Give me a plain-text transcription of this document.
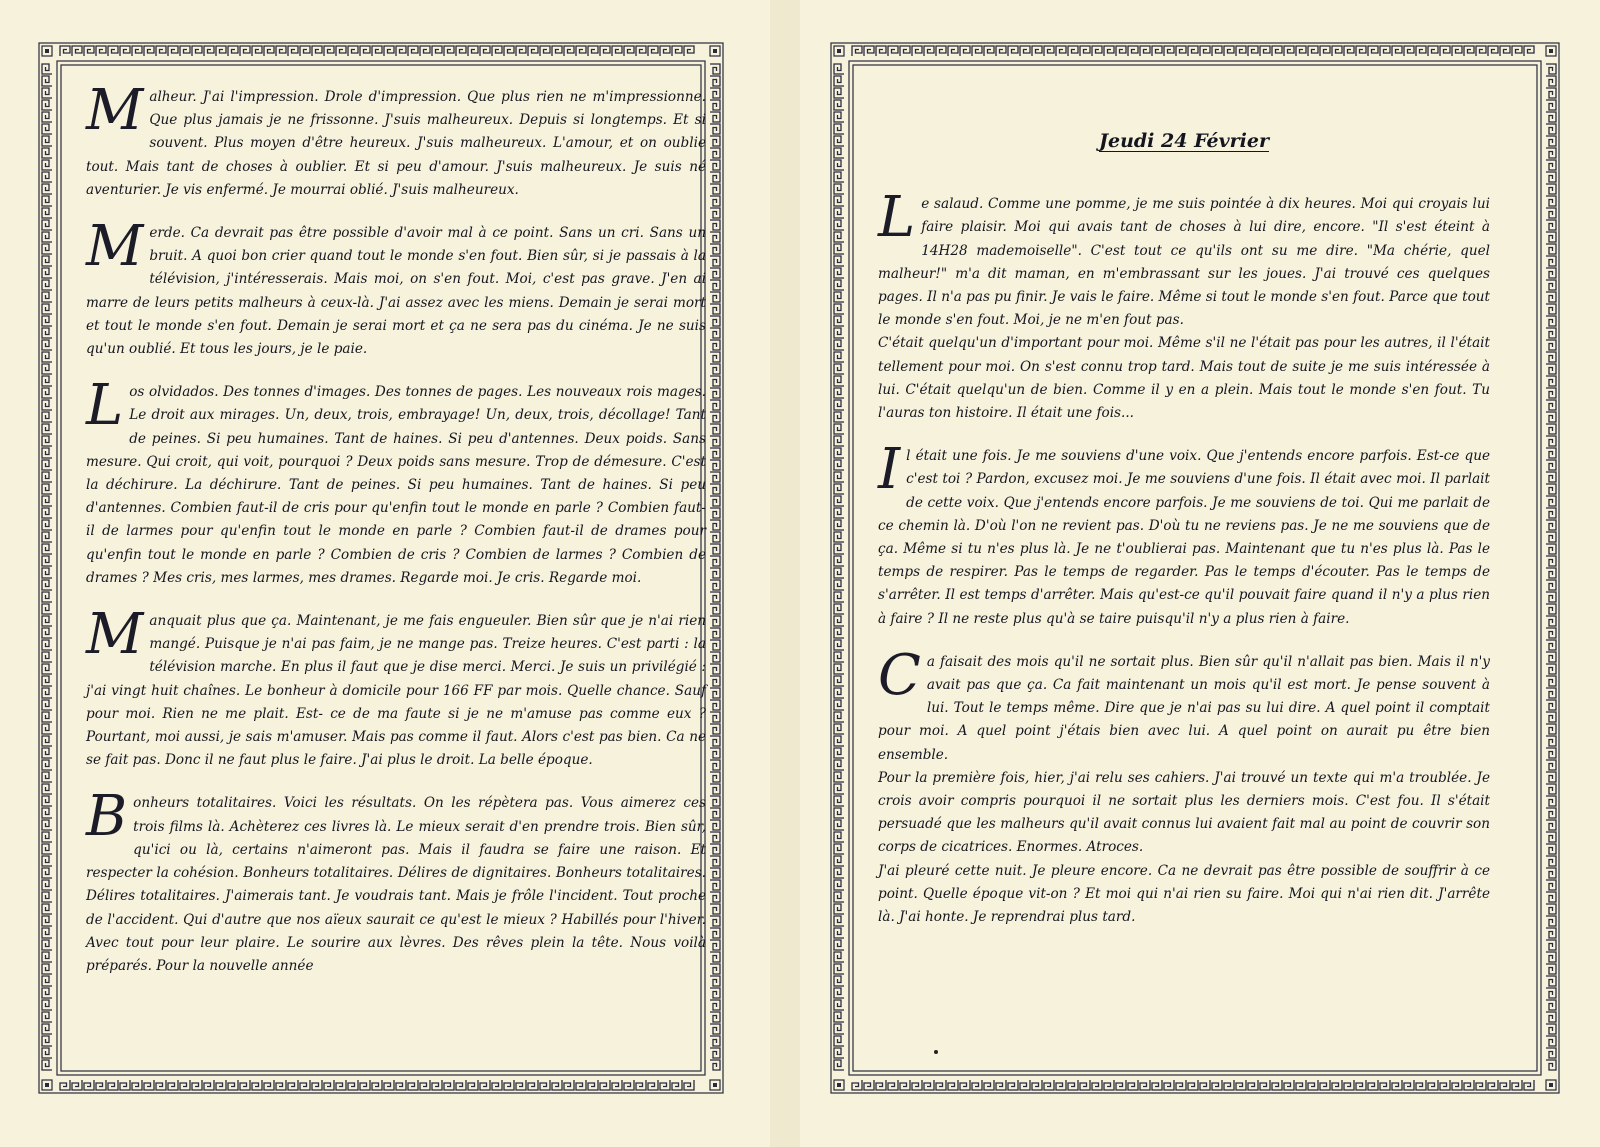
Malheur. J'ai l'impression. Drole d'impression. Que plus rien ne m'impressionne. Que plus jamais je ne frissonne. J'suis malheureux. Depuis si longtemps. Et si souvent. Plus moyen d'être heureux. J'suis malheureux. L'amour, et on oublie tout. Mais tant de choses à oublier. Et si peu d'amour. J'suis malheureux. Je suis né aventurier. Je vis enfermé. Je mourrai oblié. J'suis malheureux.

Merde. Ca devrait pas être possible d'avoir mal à ce point. Sans un cri. Sans un bruit. A quoi bon crier quand tout le monde s'en fout. Bien sûr, si je passais à la télévision, j'intéresserais. Mais moi, on s'en fout. Moi, c'est pas grave. J'en ai marre de leurs petits malheurs à ceux-là. J'ai assez avec les miens. Demain je serai mort et tout le monde s'en fout. Demain je serai mort et ça ne sera pas du cinéma. Je ne suis qu'un oublié. Et tous les jours, je le paie.

Los olvidados. Des tonnes d'images. Des tonnes de pages. Les nouveaux rois mages. Le droit aux mirages. Un, deux, trois, embrayage! Un, deux, trois, décollage! Tant de peines. Si peu humaines. Tant de haines. Si peu d'antennes. Deux poids. Sans mesure. Qui croit, qui voit, pourquoi ? Deux poids sans mesure. Trop de démesure. C'est la déchirure. La déchirure. Tant de peines. Si peu humaines. Tant de haines. Si peu d'antennes. Combien faut-il de cris pour qu'enfin tout le monde en parle ? Combien faut-il de larmes pour qu'enfin tout le monde en parle ? Combien faut-il de drames pour qu'enfin tout le monde en parle ? Combien de cris ? Combien de larmes ? Combien de drames ? Mes cris, mes larmes, mes drames. Regarde moi. Je cris. Regarde moi.

Manquait plus que ça. Maintenant, je me fais engueuler. Bien sûr que je n'ai rien mangé. Puisque je n'ai pas faim, je ne mange pas. Treize heures. C'est parti : la télévision marche. En plus il faut que je dise merci. Merci. Je suis un privilégié : j'ai vingt huit chaînes. Le bonheur à domicile pour 166 FF par mois. Quelle chance. Sauf pour moi. Rien ne me plait. Est- ce de ma faute si je ne m'amuse pas comme eux ? Pourtant, moi aussi, je sais m'amuser. Mais pas comme il faut. Alors c'est pas bien. Ca ne se fait pas. Donc il ne faut plus le faire. J'ai plus le droit. La belle époque.

Bonheurs totalitaires. Voici les résultats. On les répètera pas. Vous aimerez ces trois films là. Achèterez ces livres là. Le mieux serait d'en prendre trois. Bien sûr, qu'ici ou là, certains n'aimeront pas. Mais il faudra se faire une raison. Et respecter la cohésion. Bonheurs totalitaires. Délires de dignitaires. Bonheurs totalitaires. Délires totalitaires. J'aimerais tant. Je voudrais tant. Mais je frôle l'incident. Tout proche de l'accident. Qui d'autre que nos aïeux saurait ce qu'est le mieux ? Habillés pour l'hiver. Avec tout pour leur plaire. Le sourire aux lèvres. Des rêves plein la tête. Nous voilà préparés. Pour la nouvelle année

Jeudi 24 Février

Le salaud. Comme une pomme, je me suis pointée à dix heures. Moi qui croyais lui faire plaisir. Moi qui avais tant de choses à lui dire, encore. "Il s'est éteint à 14H28 mademoiselle". C'est tout ce qu'ils ont su me dire. "Ma chérie, quel malheur!" m'a dit maman, en m'embrassant sur les joues. J'ai trouvé ces quelques pages. Il n'a pas pu finir. Je vais le faire. Même si tout le monde s'en fout. Parce que tout le monde s'en fout. Moi, je ne m'en fout pas.

C'était quelqu'un d'important pour moi. Même s'il ne l'était pas pour les autres, il l'était tellement pour moi. On s'est connu trop tard. Mais tout de suite je me suis intéressée à lui. C'était quelqu'un de bien. Comme il y en a plein. Mais tout le monde s'en fout. Tu l'auras ton histoire. Il était une fois...

Il était une fois. Je me souviens d'une voix. Que j'entends encore parfois. Est-ce que c'est toi ? Pardon, excusez moi. Je me souviens d'une fois. Il était avec moi. Il parlait de cette voix. Que j'entends encore parfois. Je me souviens de toi. Qui me parlait de ce chemin là. D'où l'on ne revient pas. D'où tu ne reviens pas. Je ne me souviens que de ça. Même si tu n'es plus là. Je ne t'oublierai pas. Maintenant que tu n'es plus là. Pas le temps de respirer. Pas le temps de regarder. Pas le temps d'écouter. Pas le temps de s'arrêter. Il est temps d'arrêter. Mais qu'est-ce qu'il pouvait faire quand il n'y a plus rien à faire ? Il ne reste plus qu'à se taire puisqu'il n'y a plus rien à faire.

Ca faisait des mois qu'il ne sortait plus. Bien sûr qu'il n'allait pas bien. Mais il n'y avait pas que ça. Ca fait maintenant un mois qu'il est mort. Je pense souvent à lui. Tout le temps même. Dire que je n'ai pas su lui dire. A quel point il comptait pour moi. A quel point j'étais bien avec lui. A quel point on aurait pu être bien ensemble.

Pour la première fois, hier, j'ai relu ses cahiers. J'ai trouvé un texte qui m'a troublée. Je crois avoir compris pourquoi il ne sortait plus les derniers mois. C'est fou. Il s'était persuadé que les malheurs qu'il avait connus lui avaient fait mal au point de couvrir son corps de cicatrices. Enormes. Atroces.

J'ai pleuré cette nuit. Je pleure encore. Ca ne devrait pas être possible de souffrir à ce point. Quelle époque vit-on ? Et moi qui n'ai rien su faire. Moi qui n'ai rien dit. J'arrête là. J'ai honte. Je reprendrai plus tard.
